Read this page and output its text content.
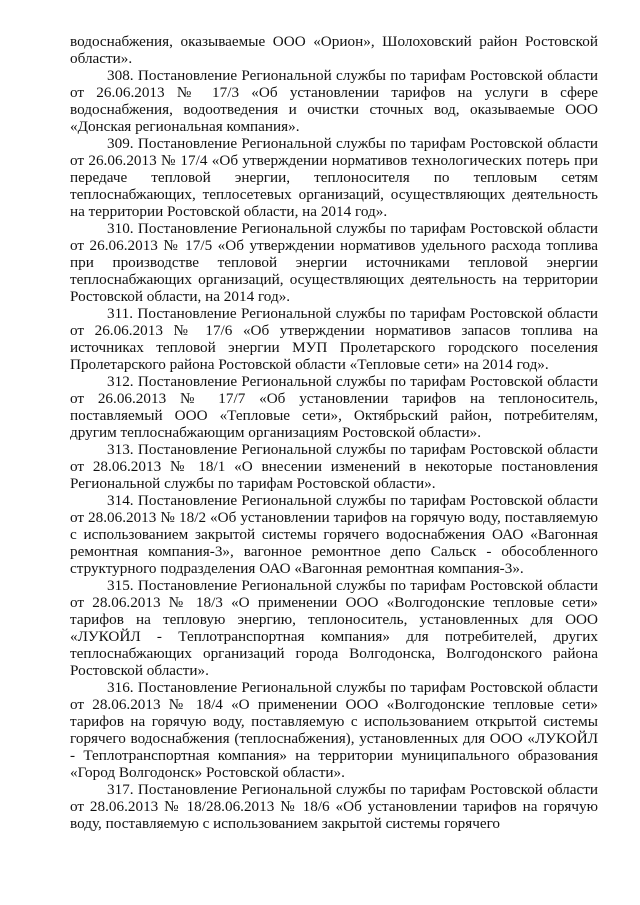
водоснабжения, оказываемые ООО «Орион», Шолоховский район Ростовской области».

308. Постановление Региональной службы по тарифам Ростовской области от 26.06.2013 № 17/3 «Об установлении тарифов на услуги в сфере водоснабжения, водоотведения и очистки сточных вод, оказываемые ООО «Донская региональная компания».

309. Постановление Региональной службы по тарифам Ростовской области от 26.06.2013 № 17/4 «Об утверждении нормативов технологических потерь при передаче тепловой энергии, теплоносителя по тепловым сетям теплоснабжающих, теплосетевых организаций, осуществляющих деятельность на территории Ростовской области, на 2014 год».

310. Постановление Региональной службы по тарифам Ростовской области от 26.06.2013 № 17/5 «Об утверждении нормативов удельного расхода топлива при производстве тепловой энергии источниками тепловой энергии теплоснабжающих организаций, осуществляющих деятельность на территории Ростовской области, на 2014 год».

311. Постановление Региональной службы по тарифам Ростовской области от 26.06.2013 № 17/6 «Об утверждении нормативов запасов топлива на источниках тепловой энергии МУП Пролетарского городского поселения Пролетарского района Ростовской области «Тепловые сети» на 2014 год».

312. Постановление Региональной службы по тарифам Ростовской области от 26.06.2013 № 17/7 «Об установлении тарифов на теплоноситель, поставляемый ООО «Тепловые сети», Октябрьский район, потребителям, другим теплоснабжающим организациям Ростовской области».

313. Постановление Региональной службы по тарифам Ростовской области от 28.06.2013 № 18/1 «О внесении изменений в некоторые постановления Региональной службы по тарифам Ростовской области».

314. Постановление Региональной службы по тарифам Ростовской области от 28.06.2013 № 18/2 «Об установлении тарифов на горячую воду, поставляемую с использованием закрытой системы горячего водоснабжения ОАО «Вагонная ремонтная компания-3», вагонное ремонтное депо Сальск - обособленного структурного подразделения ОАО «Вагонная ремонтная компания-3».

315. Постановление Региональной службы по тарифам Ростовской области от 28.06.2013 № 18/3 «О применении ООО «Волгодонские тепловые сети» тарифов на тепловую энергию, теплоноситель, установленных для ООО «ЛУКОЙЛ - Теплотранспортная компания» для потребителей, других теплоснабжающих организаций города Волгодонска, Волгодонского района Ростовской области».

316. Постановление Региональной службы по тарифам Ростовской области от 28.06.2013 № 18/4 «О применении ООО «Волгодонские тепловые сети» тарифов на горячую воду, поставляемую с использованием открытой системы горячего водоснабжения (теплоснабжения), установленных для ООО «ЛУКОЙЛ - Теплотранспортная компания» на территории муниципального образования «Город Волгодонск» Ростовской области».

317. Постановление Региональной службы по тарифам Ростовской области от 28.06.2013 № 18/28.06.2013 № 18/6 «Об установлении тарифов на горячую воду, поставляемую с использованием закрытой системы горячего
